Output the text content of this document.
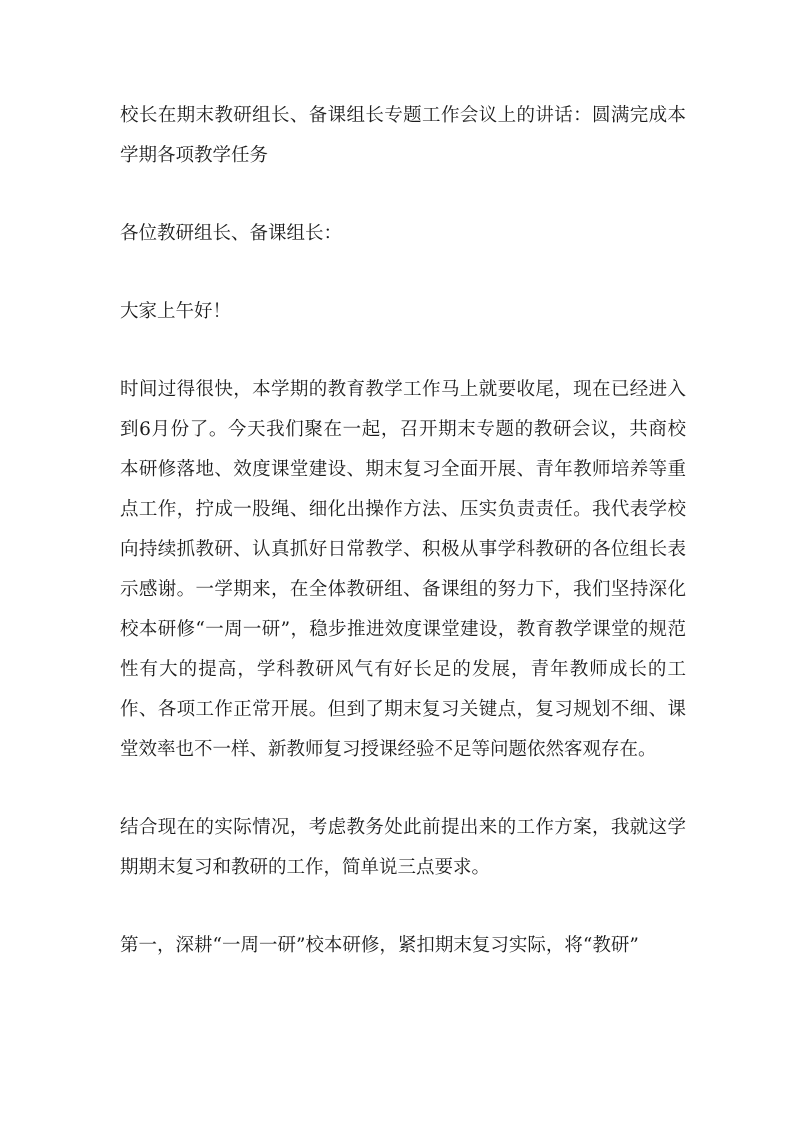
校长在期末教研组长、备课组长专题工作会议上的讲话：圆满完成本学期各项教学任务

各位教研组长、备课组长：

大家上午好！

时间过得很快，本学期的教育教学工作马上就要收尾，现在已经进入到6月份了。今天我们聚在一起，召开期末专题的教研会议，共商校本研修落地、效度课堂建设、期末复习全面开展、青年教师培养等重点工作，拧成一股绳、细化出操作方法、压实负责责任。我代表学校向持续抓教研、认真抓好日常教学、积极从事学科教研的各位组长表示感谢。一学期来，在全体教研组、备课组的努力下，我们坚持深化校本研修“一周一研”，稳步推进效度课堂建设，教育教学课堂的规范性有大的提高，学科教研风气有好长足的发展，青年教师成长的工作、各项工作正常开展。但到了期末复习关键点，复习规划不细、课堂效率也不一样、新教师复习授课经验不足等问题依然客观存在。

结合现在的实际情况，考虑教务处此前提出来的工作方案，我就这学期期末复习和教研的工作，简单说三点要求。

第一，深耕“一周一研”校本研修，紧扣期末复习实际，将“教研”
